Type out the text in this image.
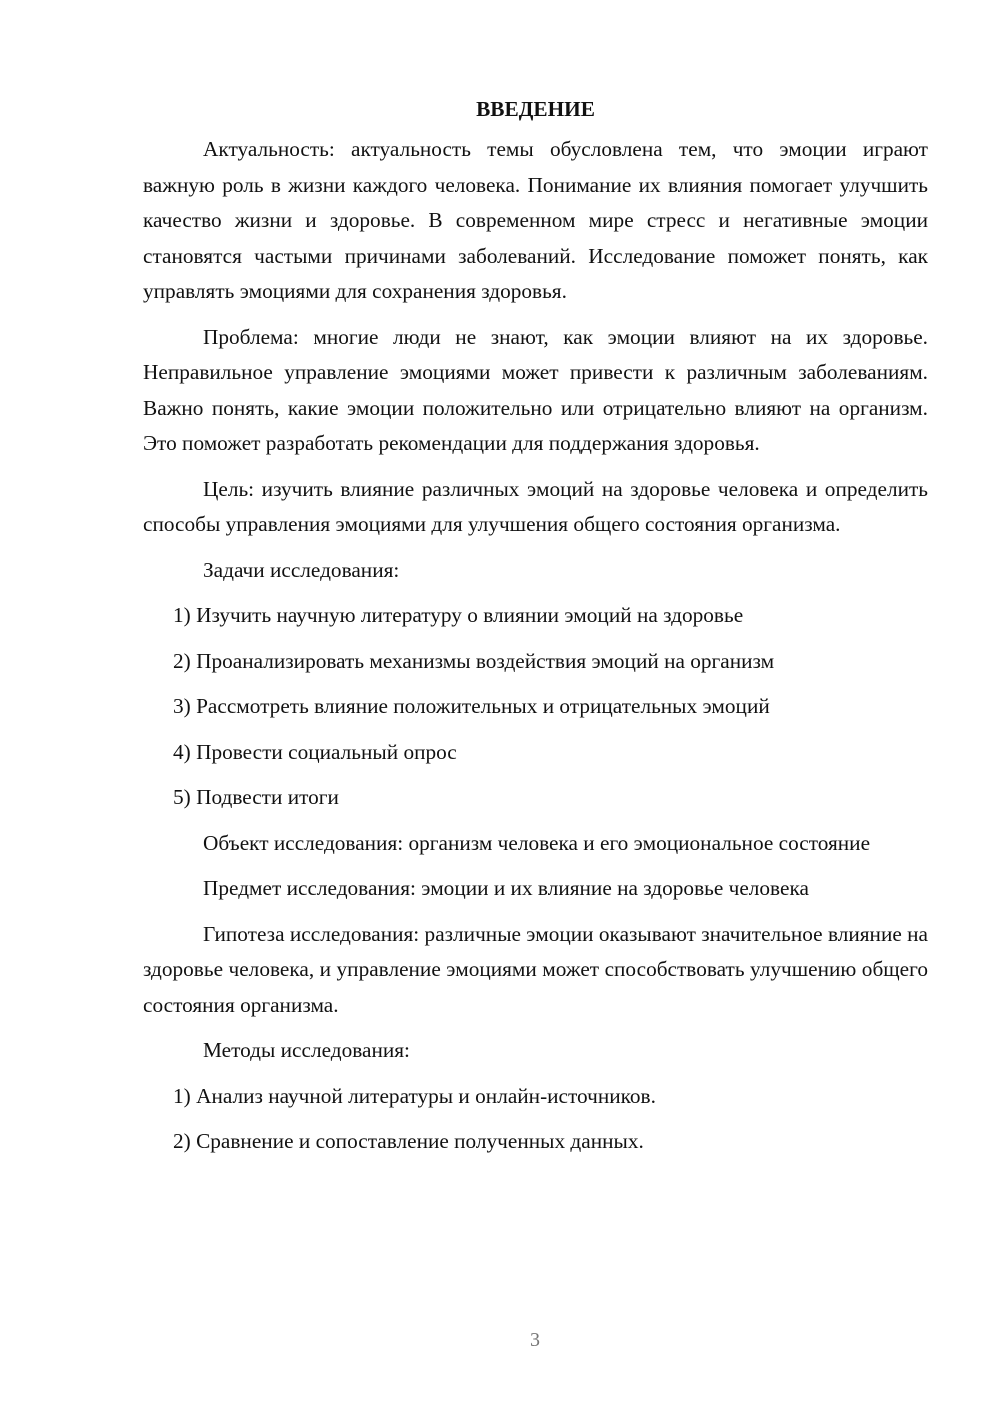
ВВЕДЕНИЕ

Актуальность: актуальность темы обусловлена тем, что эмоции играют важную роль в жизни каждого человека. Понимание их влияния помогает улучшить качество жизни и здоровье. В современном мире стресс и негативные эмоции становятся частыми причинами заболеваний. Исследование поможет понять, как управлять эмоциями для сохранения здоровья.

Проблема: многие люди не знают, как эмоции влияют на их здоровье. Неправильное управление эмоциями может привести к различным заболеваниям. Важно понять, какие эмоции положительно или отрицательно влияют на организм. Это поможет разработать рекомендации для поддержания здоровья.

Цель: изучить влияние различных эмоций на здоровье человека и определить способы управления эмоциями для улучшения общего состояния организма.

Задачи исследования:

1) Изучить научную литературу о влиянии эмоций на здоровье

2) Проанализировать механизмы воздействия эмоций на организм

3) Рассмотреть влияние положительных и отрицательных эмоций

4) Провести социальный опрос

5) Подвести итоги

Объект исследования: организм человека и его эмоциональное состояние

Предмет исследования: эмоции и их влияние на здоровье человека

Гипотеза исследования: различные эмоции оказывают значительное влияние на здоровье человека, и управление эмоциями может способствовать улучшению общего состояния организма.

Методы исследования:

1) Анализ научной литературы и онлайн-источников.

2) Сравнение и сопоставление полученных данных.

3
